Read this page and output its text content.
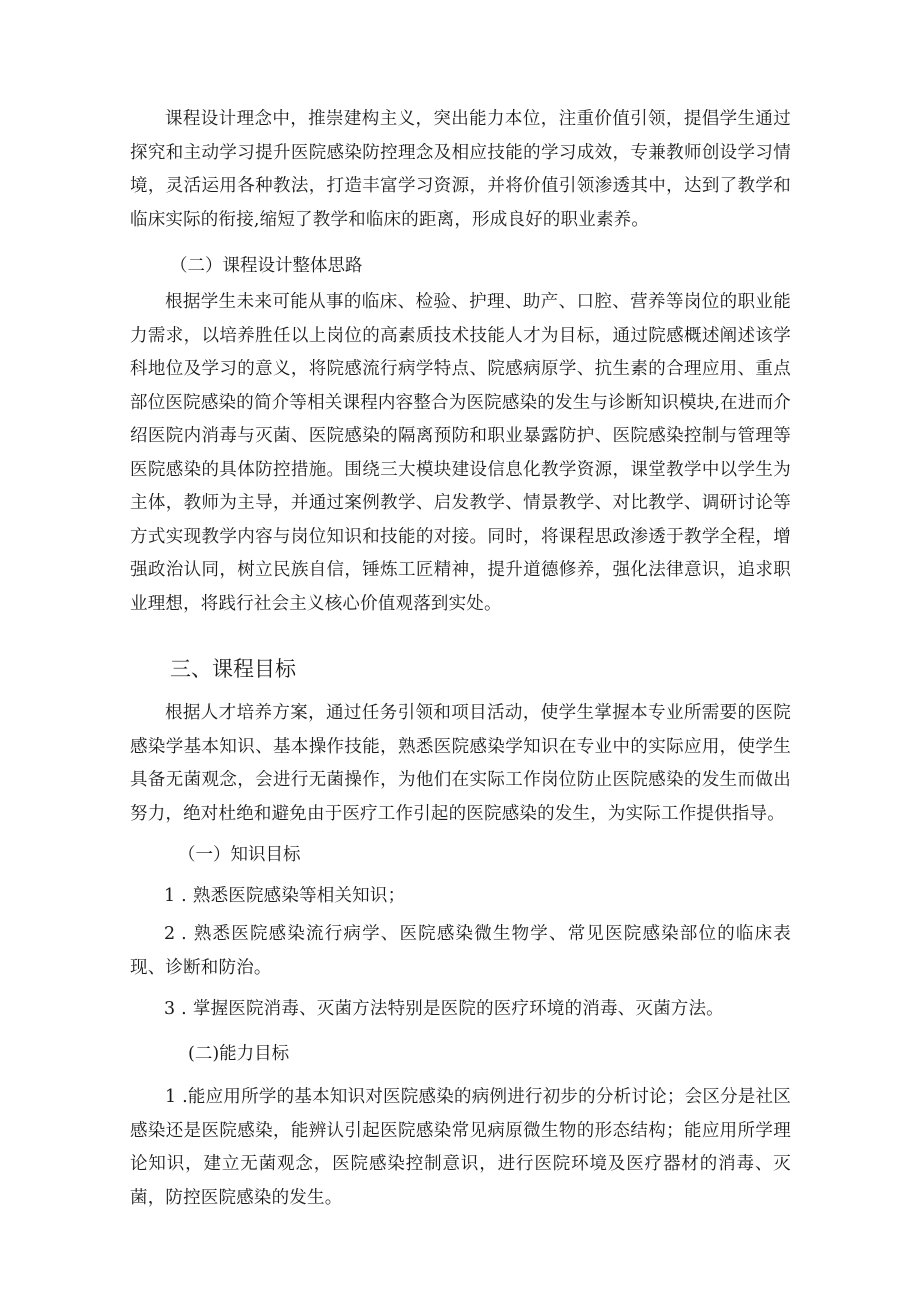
课程设计理念中，推崇建构主义，突出能力本位，注重价值引领，提倡学生通过探究和主动学习提升医院感染防控理念及相应技能的学习成效，专兼教师创设学习情境，灵活运用各种教法，打造丰富学习资源，并将价值引领渗透其中，达到了教学和临床实际的衔接,缩短了教学和临床的距离，形成良好的职业素养。

（二）课程设计整体思路

根据学生未来可能从事的临床、检验、护理、助产、口腔、营养等岗位的职业能力需求，以培养胜任以上岗位的高素质技术技能人才为目标，通过院感概述阐述该学科地位及学习的意义，将院感流行病学特点、院感病原学、抗生素的合理应用、重点部位医院感染的简介等相关课程内容整合为医院感染的发生与诊断知识模块,在进而介绍医院内消毒与灭菌、医院感染的隔离预防和职业暴露防护、医院感染控制与管理等医院感染的具体防控措施。围绕三大模块建设信息化教学资源，课堂教学中以学生为主体，教师为主导，并通过案例教学、启发教学、情景教学、对比教学、调研讨论等方式实现教学内容与岗位知识和技能的对接。同时，将课程思政渗透于教学全程，增强政治认同，树立民族自信，锤炼工匠精神，提升道德修养，强化法律意识，追求职业理想，将践行社会主义核心价值观落到实处。

三、课程目标

根据人才培养方案，通过任务引领和项目活动，使学生掌握本专业所需要的医院感染学基本知识、基本操作技能，熟悉医院感染学知识在专业中的实际应用，使学生具备无菌观念，会进行无菌操作，为他们在实际工作岗位防止医院感染的发生而做出努力，绝对杜绝和避免由于医疗工作引起的医院感染的发生，为实际工作提供指导。

（一）知识目标

1 . 熟悉医院感染等相关知识；

2 . 熟悉医院感染流行病学、医院感染微生物学、常见医院感染部位的临床表现、诊断和防治。

3 . 掌握医院消毒、灭菌方法特别是医院的医疗环境的消毒、灭菌方法。

(二)能力目标

1 .能应用所学的基本知识对医院感染的病例进行初步的分析讨论；会区分是社区感染还是医院感染，能辨认引起医院感染常见病原微生物的形态结构；能应用所学理论知识，建立无菌观念，医院感染控制意识，进行医院环境及医疗器材的消毒、灭菌，防控医院感染的发生。
